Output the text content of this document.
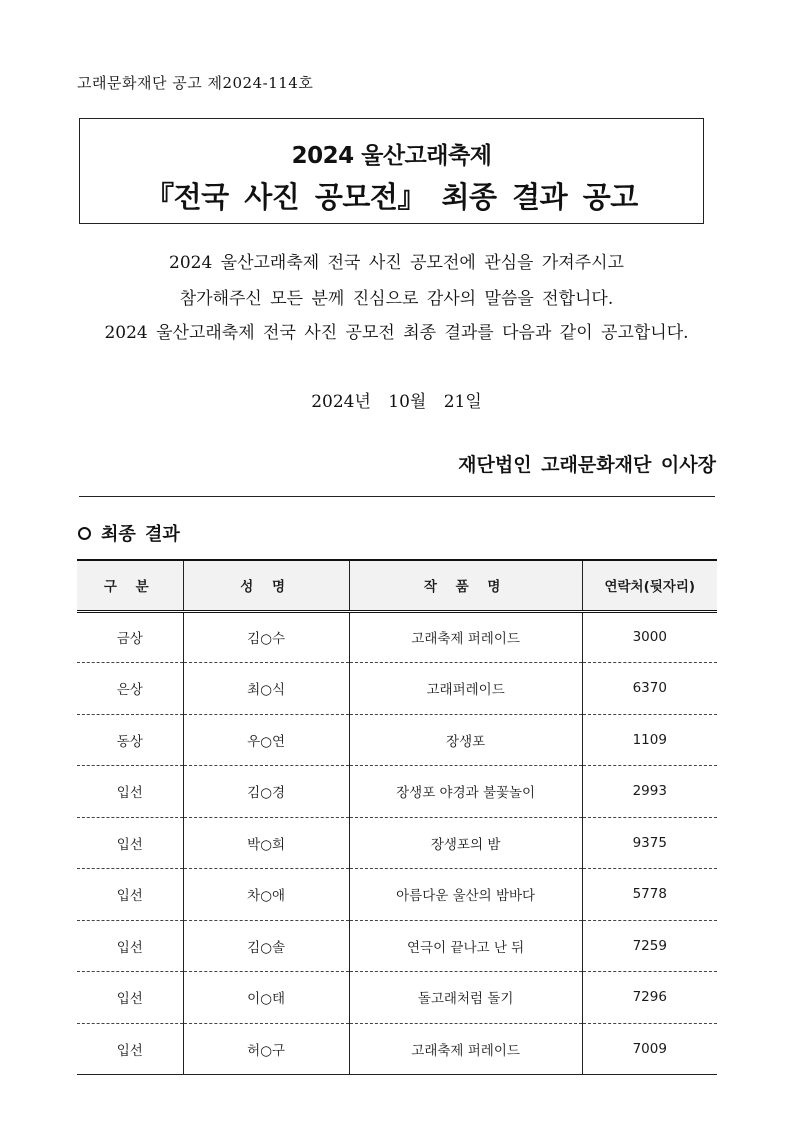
고래문화재단 공고 제2024-114호
2024 울산고래축제
『전국 사진 공모전』 최종 결과 공고
2024 울산고래축제 전국 사진 공모전에 관심을 가져주시고
참가해주신 모든 분께 진심으로 감사의 말씀을 전합니다.
2024 울산고래축제 전국 사진 공모전 최종 결과를 다음과 같이 공고합니다.
2024년 10월 21일
재단법인 고래문화재단 이사장
최종 결과
구 분	성 명	작 품 명	연락처(뒷자리)
금상	김○수	고래축제 퍼레이드	3000
은상	최○식	고래퍼레이드	6370
동상	우○연	장생포	1109
입선	김○경	장생포 야경과 불꽃놀이	2993
입선	박○희	장생포의 밤	9375
입선	차○애	아름다운 울산의 밤바다	5778
입선	김○솔	연극이 끝나고 난 뒤	7259
입선	이○태	돌고래처럼 돌기	7296
입선	허○구	고래축제 퍼레이드	7009
